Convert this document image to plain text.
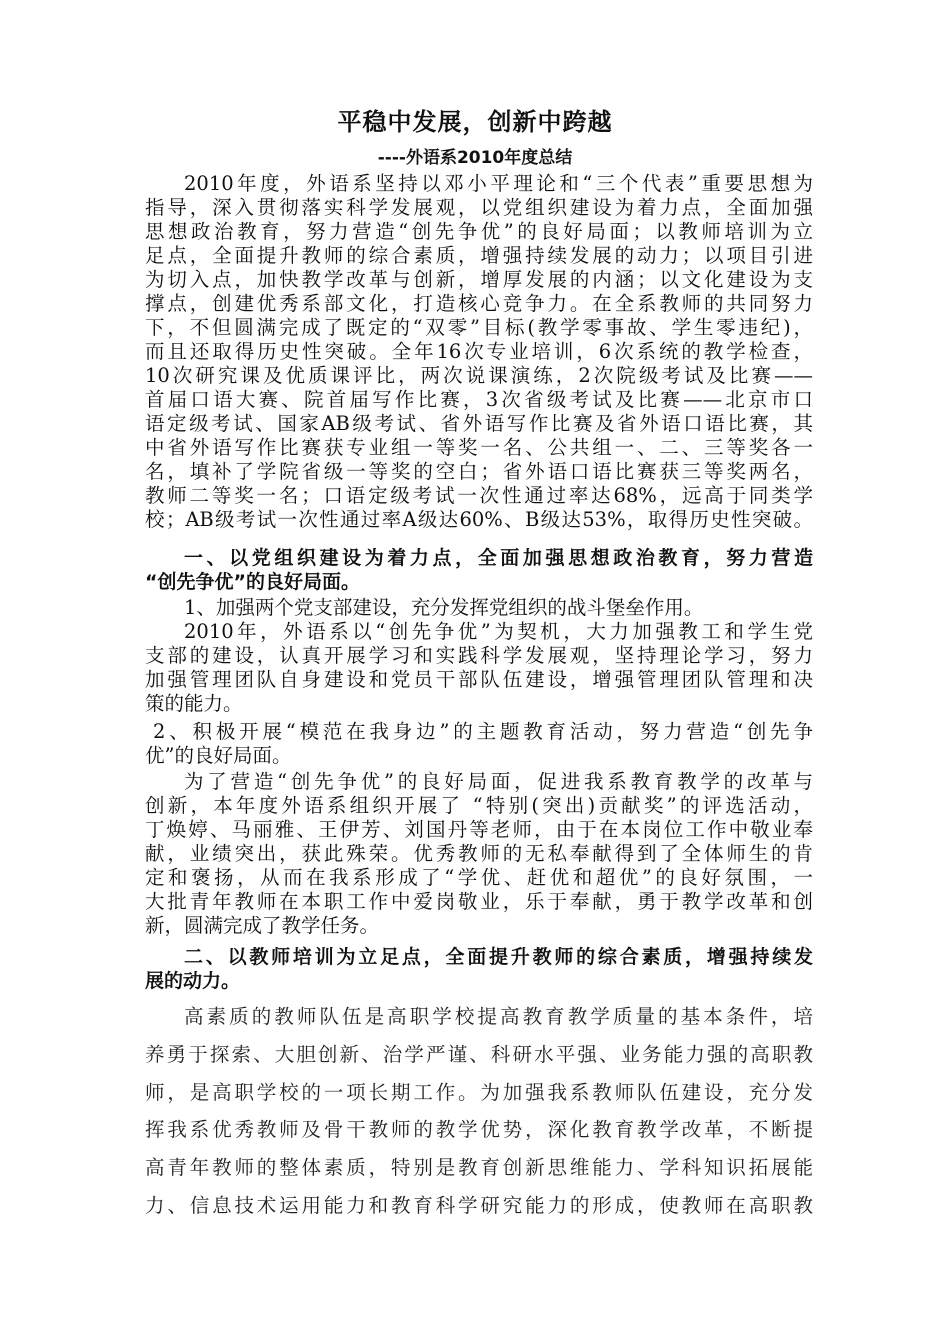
平稳中发展，创新中跨越
----外语系2010年度总结
2010年度，外语系坚持以邓小平理论和“三个代表”重要思想为
指导，深入贯彻落实科学发展观，以党组织建设为着力点，全面加强
思想政治教育，努力营造“创先争优”的良好局面；以教师培训为立
足点，全面提升教师的综合素质，增强持续发展的动力；以项目引进
为切入点，加快教学改革与创新，增厚发展的内涵；以文化建设为支
撑点，创建优秀系部文化，打造核心竞争力。在全系教师的共同努力
下，不但圆满完成了既定的“双零”目标(教学零事故、学生零违纪)，
而且还取得历史性突破。全年16次专业培训，6次系统的教学检查，
10次研究课及优质课评比，两次说课演练，2次院级考试及比赛——
首届口语大赛、院首届写作比赛，3次省级考试及比赛——北京市口
语定级考试、国家AB级考试、省外语写作比赛及省外语口语比赛，其
中省外语写作比赛获专业组一等奖一名、公共组一、二、三等奖各一
名，填补了学院省级一等奖的空白；省外语口语比赛获三等奖两名，
教师二等奖一名；口语定级考试一次性通过率达68%，远高于同类学
校；AB级考试一次性通过率A级达60%、B级达53%，取得历史性突破。
一、以党组织建设为着力点，全面加强思想政治教育，努力营造
“创先争优”的良好局面。
1、加强两个党支部建设，充分发挥党组织的战斗堡垒作用。
2010年，外语系以“创先争优”为契机，大力加强教工和学生党
支部的建设，认真开展学习和实践科学发展观，坚持理论学习，努力
加强管理团队自身建设和党员干部队伍建设，增强管理团队管理和决
策的能力。
2、积极开展“模范在我身边”的主题教育活动，努力营造“创先争
优”的良好局面。
为了营造“创先争优”的良好局面，促进我系教育教学的改革与
创新，本年度外语系组织开展了 “特别(突出)贡献奖”的评选活动，
丁焕婷、马丽雅、王伊芳、刘国丹等老师，由于在本岗位工作中敬业奉
献，业绩突出，获此殊荣。优秀教师的无私奉献得到了全体师生的肯
定和褒扬，从而在我系形成了“学优、赶优和超优”的良好氛围，一
大批青年教师在本职工作中爱岗敬业，乐于奉献，勇于教学改革和创
新，圆满完成了教学任务。
二、以教师培训为立足点，全面提升教师的综合素质，增强持续发
展的动力。
高素质的教师队伍是高职学校提高教育教学质量的基本条件，培
养勇于探索、大胆创新、治学严谨、科研水平强、业务能力强的高职教
师，是高职学校的一项长期工作。为加强我系教师队伍建设，充分发
挥我系优秀教师及骨干教师的教学优势，深化教育教学改革，不断提
高青年教师的整体素质，特别是教育创新思维能力、学科知识拓展能
力、信息技术运用能力和教育科学研究能力的形成，使教师在高职教
